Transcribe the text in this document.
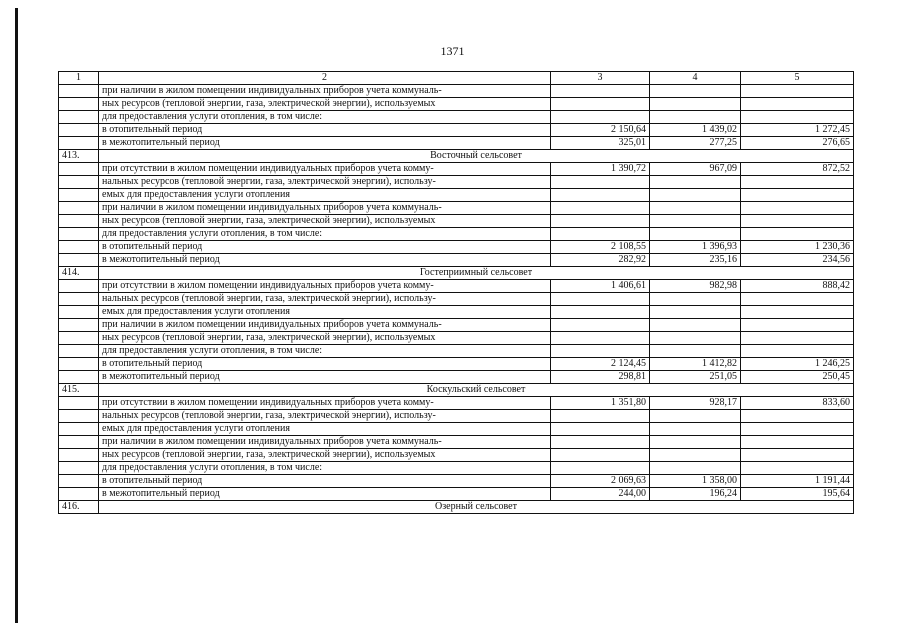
1371
1	2	3	4	5
	при наличии в жилом помещении индивидуальных приборов учета коммуналь-			
	ных ресурсов (тепловой энергии, газа, электрической энергии), используемых			
	для предоставления услуги отопления, в том числе:			
	в отопительный период	2 150,64	1 439,02	1 272,45
	в межотопительный период	325,01	277,25	276,65
413.	Восточный сельсовет			
	при отсутствии в жилом помещении индивидуальных приборов учета комму-	1 390,72	967,09	872,52
	нальных ресурсов (тепловой энергии, газа, электрической энергии), использу-			
	емых для предоставления услуги отопления			
	при наличии в жилом помещении индивидуальных приборов учета коммуналь-			
	ных ресурсов (тепловой энергии, газа, электрической энергии), используемых			
	для предоставления услуги отопления, в том числе:			
	в отопительный период	2 108,55	1 396,93	1 230,36
	в межотопительный период	282,92	235,16	234,56
414.	Гостеприимный сельсовет			
	при отсутствии в жилом помещении индивидуальных приборов учета комму-	1 406,61	982,98	888,42
	нальных ресурсов (тепловой энергии, газа, электрической энергии), использу-			
	емых для предоставления услуги отопления			
	при наличии в жилом помещении индивидуальных приборов учета коммуналь-			
	ных ресурсов (тепловой энергии, газа, электрической энергии), используемых			
	для предоставления услуги отопления, в том числе:			
	в отопительный период	2 124,45	1 412,82	1 246,25
	в межотопительный период	298,81	251,05	250,45
415.	Коскульский сельсовет			
	при отсутствии в жилом помещении индивидуальных приборов учета комму-	1 351,80	928,17	833,60
	нальных ресурсов (тепловой энергии, газа, электрической энергии), использу-			
	емых для предоставления услуги отопления			
	при наличии в жилом помещении индивидуальных приборов учета коммуналь-			
	ных ресурсов (тепловой энергии, газа, электрической энергии), используемых			
	для предоставления услуги отопления, в том числе:			
	в отопительный период	2 069,63	1 358,00	1 191,44
	в межотопительный период	244,00	196,24	195,64
416.	Озерный сельсовет			
